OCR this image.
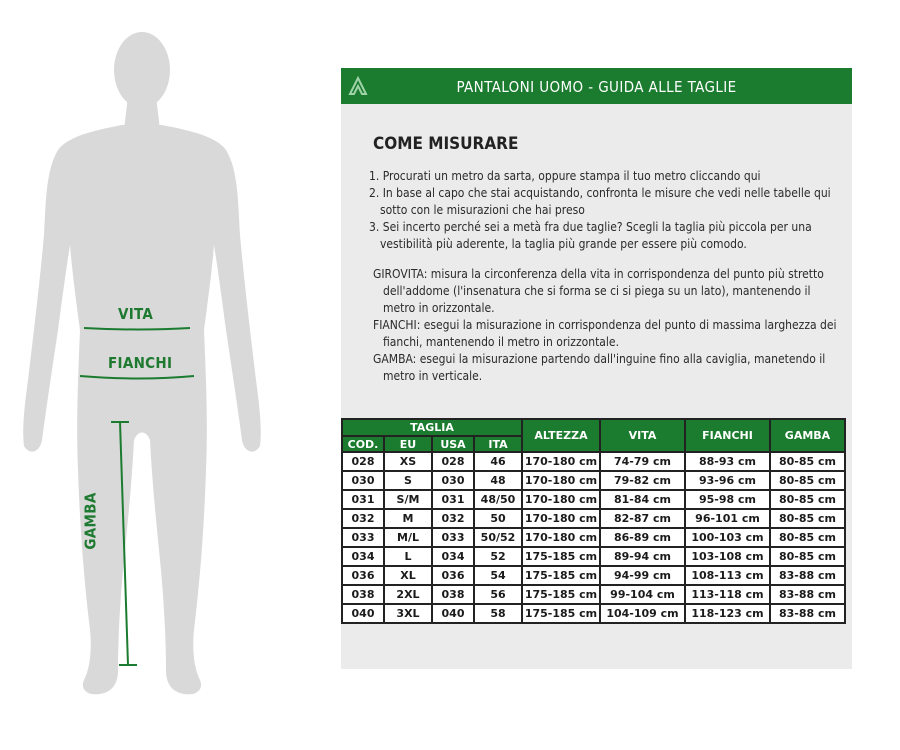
VITA
FIANCHI
GAMBA
PANTALONI UOMO - GUIDA ALLE TAGLIE
COME MISURARE
1. Procurati un metro da sarta, oppure stampa il tuo metro cliccando qui
2. In base al capo che stai acquistando, confronta le misure che vedi nelle tabelle qui sotto con le misurazioni che hai preso
3. Sei incerto perché sei a metà fra due taglie? Scegli la taglia più piccola per una vestibilità più aderente, la taglia più grande per essere più comodo.

GIROVITA: misura la circonferenza della vita in corrispondenza del punto più stretto dell'addome (l'insenatura che si forma se ci si piega su un lato), mantenendo il metro in orizzontale.

FIANCHI: esegui la misurazione in corrispondenza del punto di massima larghezza dei fianchi, mantenendo il metro in orizzontale.

GAMBA: esegui la misurazione partendo dall'inguine fino alla caviglia, manetendo il metro in verticale.

TAGLIA				ALTEZZA	VITA	FIANCHI	GAMBA
COD.	EU	USA	ITA				
028	XS	028	46	170-180 cm	74-79 cm	88-93 cm	80-85 cm
030	S	030	48	170-180 cm	79-82 cm	93-96 cm	80-85 cm
031	S/M	031	48/50	170-180 cm	81-84 cm	95-98 cm	80-85 cm
032	M	032	50	170-180 cm	82-87 cm	96-101 cm	80-85 cm
033	M/L	033	50/52	170-180 cm	86-89 cm	100-103 cm	80-85 cm
034	L	034	52	175-185 cm	89-94 cm	103-108 cm	80-85 cm
036	XL	036	54	175-185 cm	94-99 cm	108-113 cm	83-88 cm
038	2XL	038	56	175-185 cm	99-104 cm	113-118 cm	83-88 cm
040	3XL	040	58	175-185 cm	104-109 cm	118-123 cm	83-88 cm
